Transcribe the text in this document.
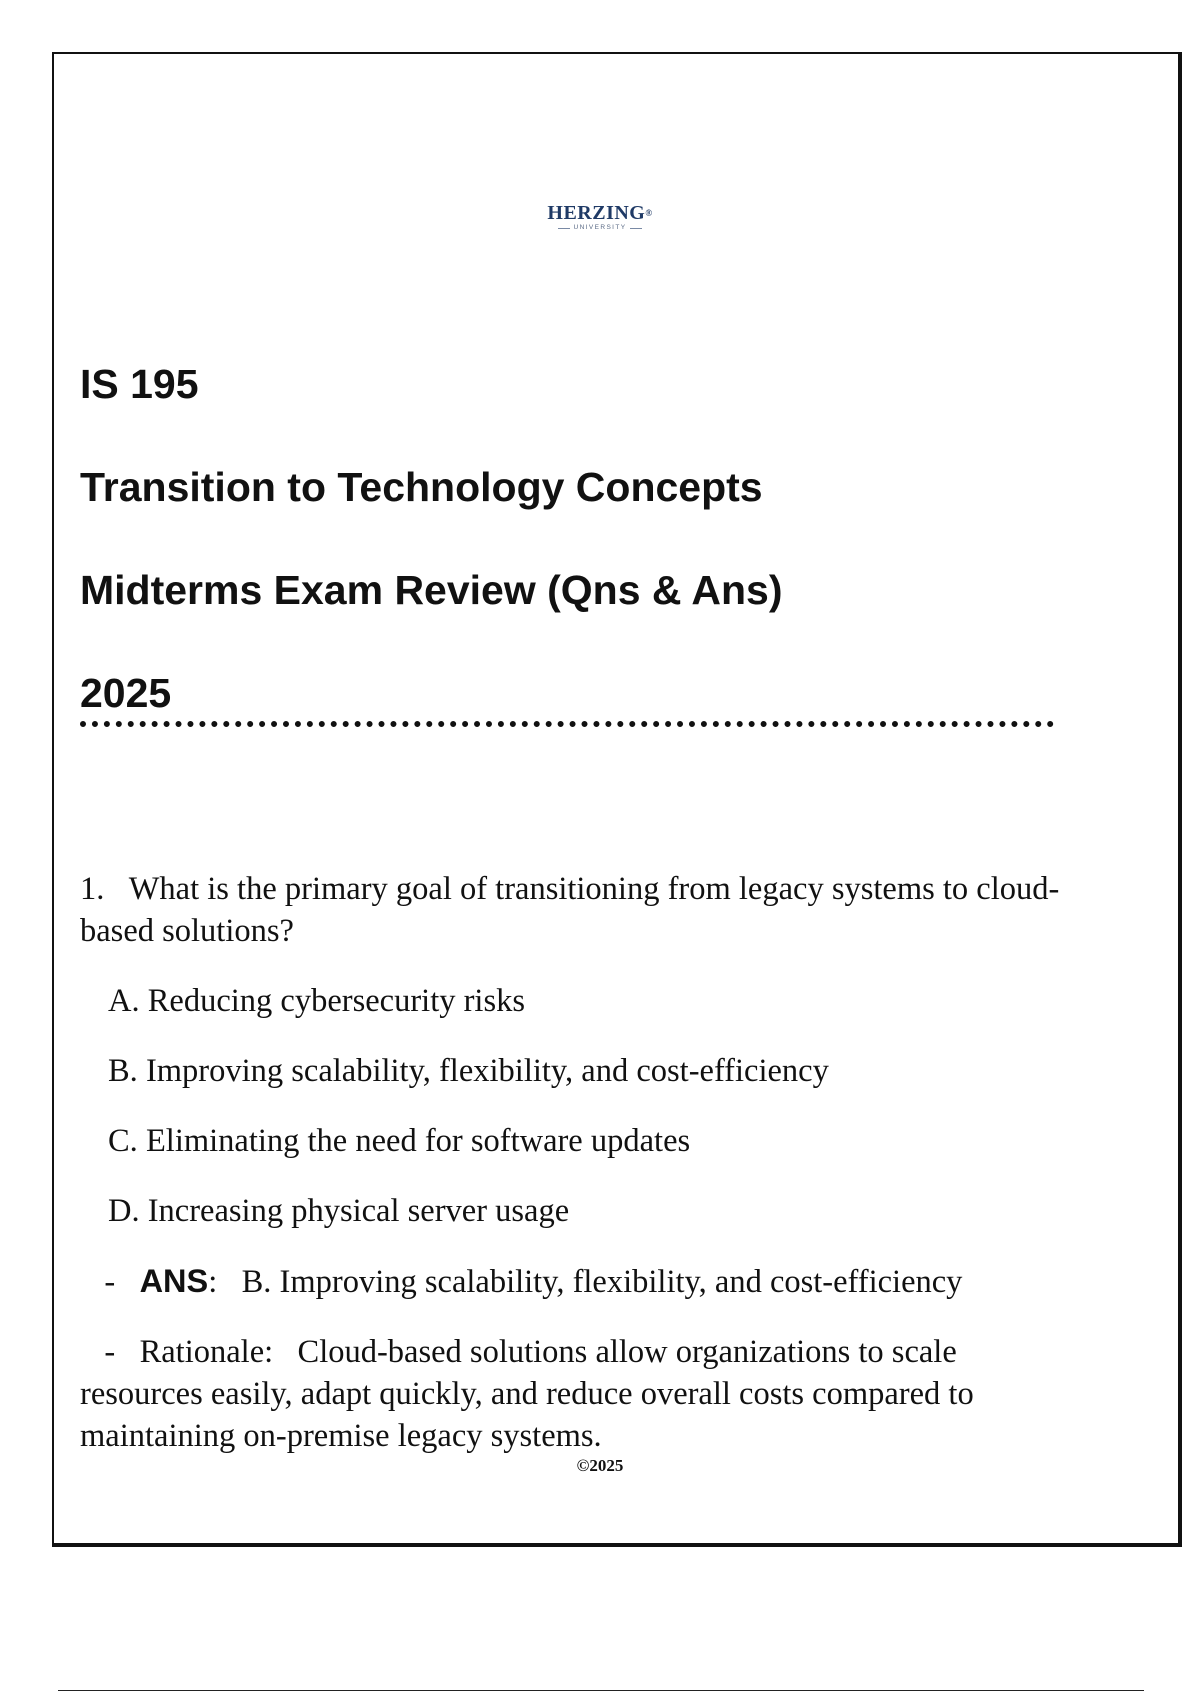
HERZING®
UNIVERSITY
IS 195
Transition to Technology Concepts
Midterms Exam Review (Qns & Ans)
2025
1. What is the primary goal of transitioning from legacy systems to cloud-based solutions?
A. Reducing cybersecurity risks
B. Improving scalability, flexibility, and cost-efficiency
C. Eliminating the need for software updates
D. Increasing physical server usage
- ANS: B. Improving scalability, flexibility, and cost-efficiency
- Rationale: Cloud-based solutions allow organizations to scale resources easily, adapt quickly, and reduce overall costs compared to maintaining on-premise legacy systems.
©2025
